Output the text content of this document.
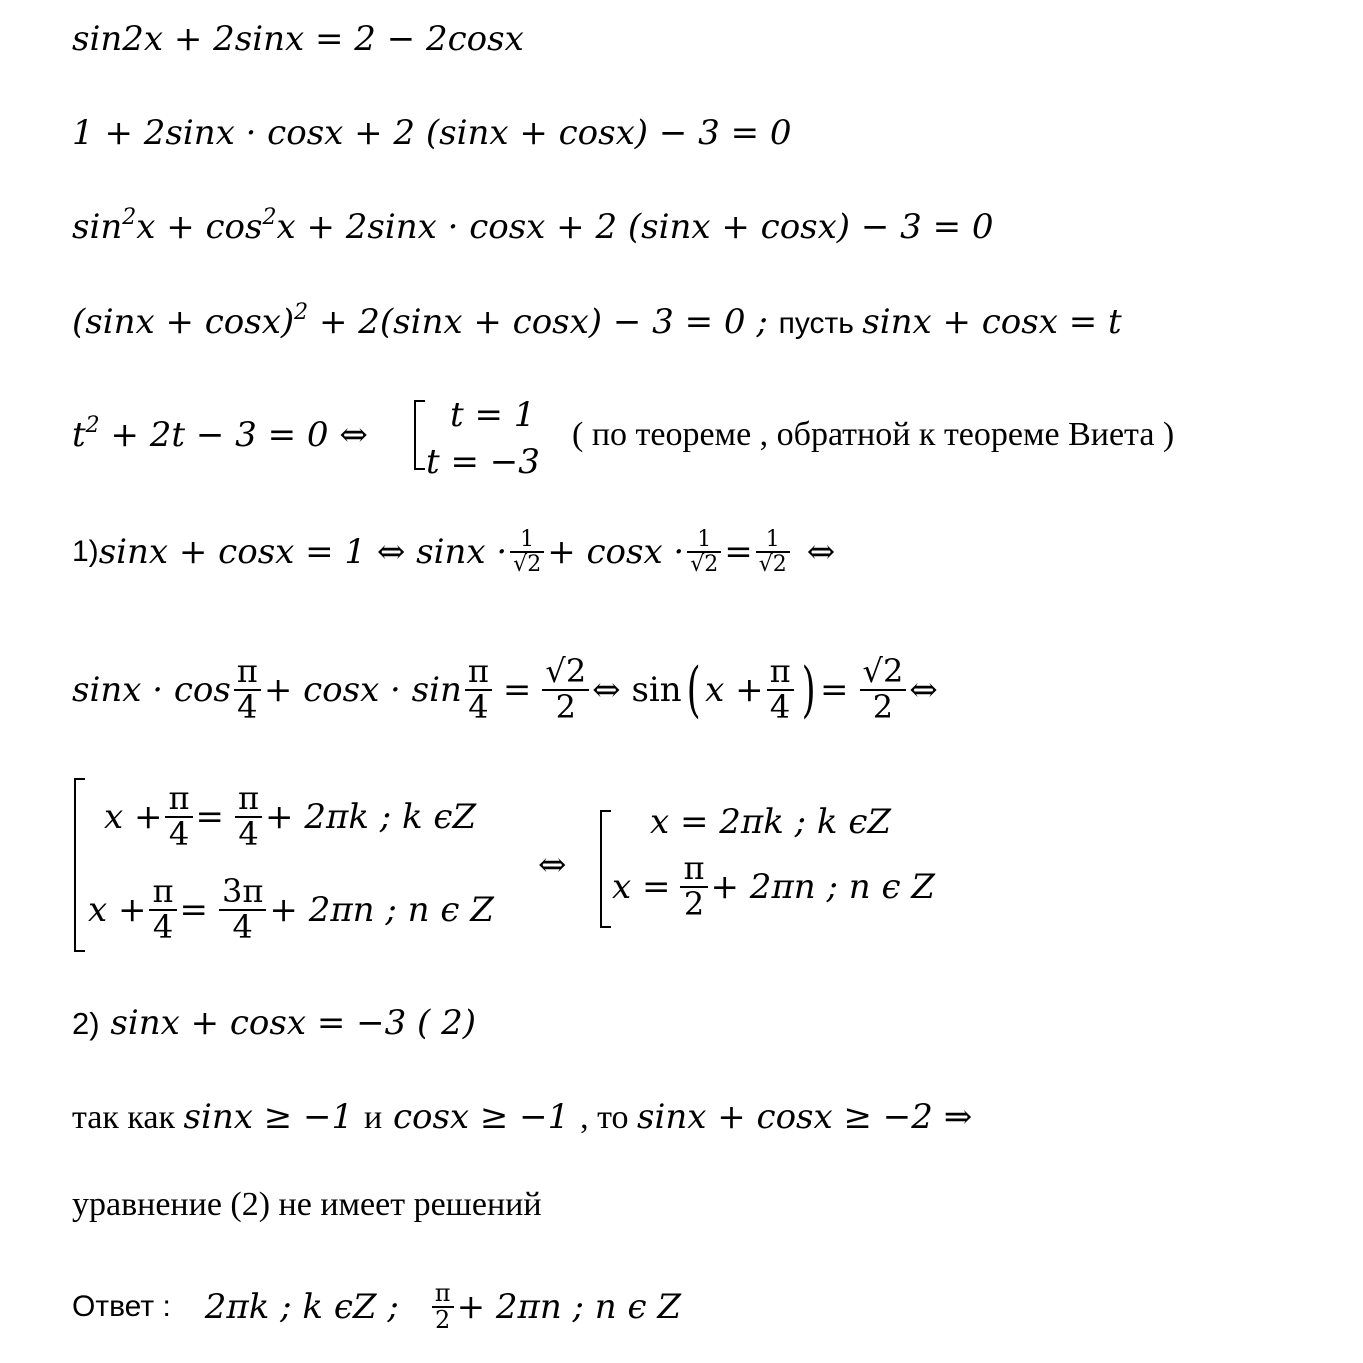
sin2x + 2sinx = 2 − 2cosx
1 + 2sinx · cosx + 2 (sinx + cosx) − 3 = 0
$\sin^2x + \cos^2x + 2\sin x \cdot \cos x + 2$ (sinx + cosx) − 3 = 0
$(\sin x + \cos x)^2 + 2(\sin x + \cos x) - 3 = 0$ ; пусть sinx + cosx = t
$t^2 + 2t - 3 = 0$ ⇔ t = 1
t = −3
( по теореме , обратной к теореме Виета )
1) sinx + cosx = 1 ⇔ $\sin x \cdot \frac{1}{√2} + \cos x \cdot \frac{1}{√2} = \frac{1}{√2}$ ⇔
$\sin x \cdot \cos \frac{\pi}{4} + \cos x \cdot \sin \frac{\pi}{4} = \frac{√2}{2}$ ⇔ sin ( $x + \frac{\pi}{4}$ ) = $\frac{√2}{2}$ ⇔
$x + \frac{\pi}{4} = \frac{\pi}{4} + 2\pi k$ ; k ϵZ
$x + \frac{\pi}{4} = \frac{3\pi}{4} + 2\pi n$ ; n ϵ Z
⇔
x = 2πk ; k ϵZ
$x = \frac{\pi}{2} + 2\pi n$ ; n ϵ Z
2) sinx + cosx = −3 ( 2)
так как sinx ≥ −1 и cosx ≥ −1 , то sinx + cosx ≥ −2 ⇒
уравнение (2) не имеет решений
Ответ : 2πk ; k ϵZ ; $\frac{\pi}{2} + 2\pi n$ ; n ϵ Z
